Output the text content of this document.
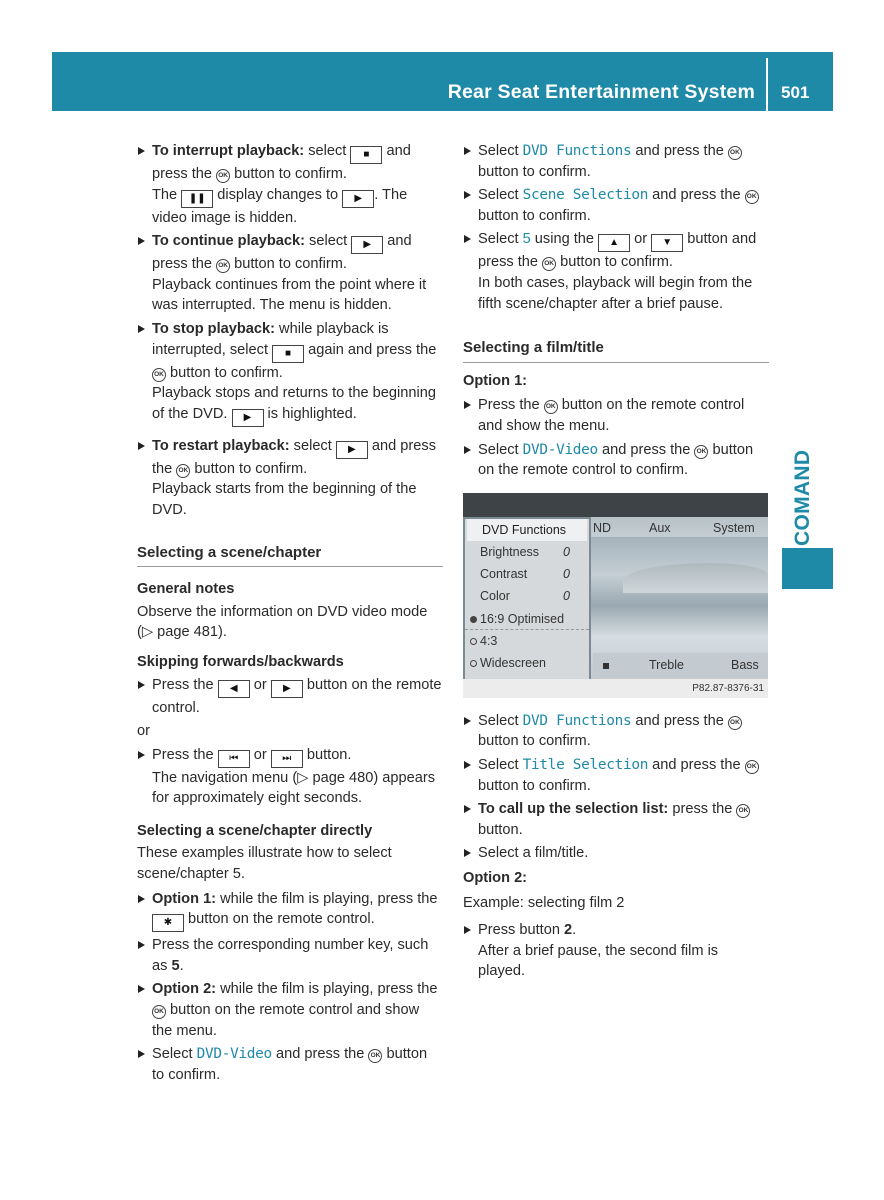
Rear Seat Entertainment System 501
COMAND
To interrupt playback: select ■ and press the OK button to confirm.
The ❚❚ display changes to ▶ . The video image is hidden.
To continue playback: select ▶ and press the OK button to confirm.
Playback continues from the point where it was interrupted. The menu is hidden.
To stop playback: while playback is interrupted, select ■ again and press the OK button to confirm.
Playback stops and returns to the beginning of the DVD. ▶ is highlighted.
To restart playback: select ▶ and press the OK button to confirm.
Playback starts from the beginning of the DVD.
Selecting a scene/chapter

General notes

Observe the information on DVD video mode (▷ page 481).

Skipping forwards/backwards

Press the ◀ or ▶ button on the remote control.

or

Press the ⏮ or ⏭ button.
The navigation menu (▷ page 480) appears for approximately eight seconds.

Selecting a scene/chapter directly

These examples illustrate how to select scene/chapter 5.

Option 1: while the film is playing, press the ✱ button on the remote control.
Press the corresponding number key, such as 5.
Option 2: while the film is playing, press the OK button on the remote control and show the menu.
Select DVD-Video and press the OK button to confirm.
Select DVD Functions and press the OK button to confirm.
Select Scene Selection and press the OK button to confirm.
Select 5 using the ▲ or ▼ button and press the OK button to confirm.
In both cases, playback will begin from the fifth scene/chapter after a brief pause.
Selecting a film/title

Option 1:

Press the OK button on the remote control and show the menu.
Select DVD-Video and press the OK button on the remote control to confirm.
ND	Aux	System
DVD Functions
Brightness 0
Contrast	0
Color	0
16:9 Optimised
4:3
Widescreen	Treble	Bass
P82.87-8376-31
Select DVD Functions and press the OK button to confirm.
Select Title Selection and press the OK button to confirm.
To call up the selection list: press the OK button.
Select a film/title.

Option 2:

Example: selecting film 2

Press button 2.
After a brief pause, the second film is played.
